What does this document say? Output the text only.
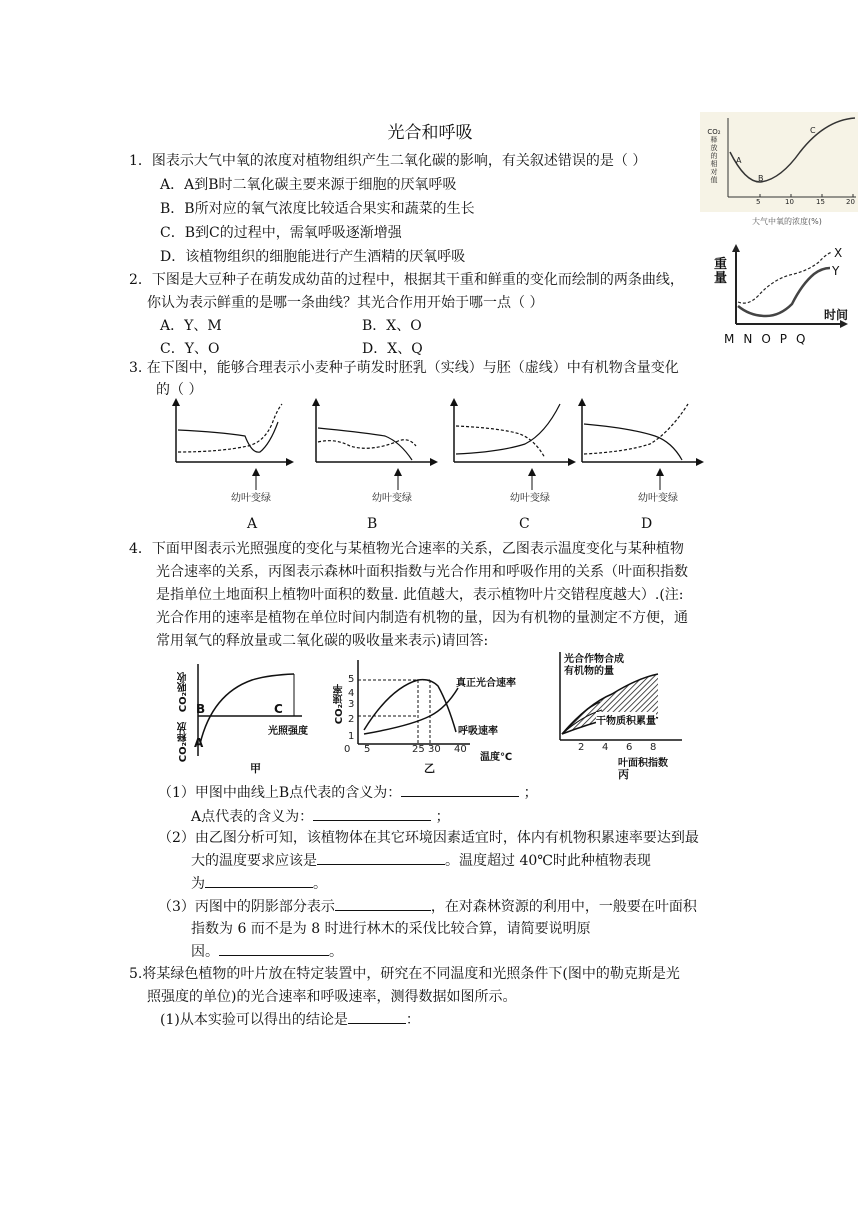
光合和呼吸
1．图表示大气中氧的浓度对植物组织产生二氧化碳的影响，有关叙述错误的是（ ）
A．A到B时二氧化碳主要来源于细胞的厌氧呼吸
B．B所对应的氧气浓度比较适合果实和蔬菜的生长
C．B到C的过程中，需氧呼吸逐渐增强
D．该植物组织的细胞能进行产生酒精的厌氧呼吸
CO₂
释
放
的
相
对
值
A
B
C
5	10	15	20
大气中氧的浓度(%)
2．下图是大豆种子在萌发成幼苗的过程中，根据其干重和鲜重的变化而绘制的两条曲线，
你认为表示鲜重的是哪一条曲线？其光合作用开始于哪一点（ ）
A．Y、M	B．X、O
C．Y、O	D．X、Q
重量
时间
X
Y
MNOPQ
3. 在下图中，能够合理表示小麦种子萌发时胚乳（实线）与胚（虚线）中有机物含量变化
的（ ）
幼叶变绿	幼叶变绿	幼叶变绿	幼叶变绿
A	B	C	D
4．下面甲图表示光照强度的变化与某植物光合速率的关系，乙图表示温度变化与某种植物
光合速率的关系，丙图表示森林叶面积指数与光合作用和呼吸作用的关系（叶面积指数
是指单位土地面积上植物叶面积的数量. 此值越大，表示植物叶片交错程度越大）.(注:
光合作用的速率是植物在单位时间内制造有机物的量，因为有机物的量测定不方便，通
常用氧气的释放量或二氧化碳的吸收量来表示)请回答:
CO₂吸收
CO₂释放
B
A
C
光照强度
甲
CO₂速率
1
2
3
4
5
0 5	25 30 40
真正光合速率
呼吸速率
温度℃
乙
光合作物合成
有机物的量
干物质积累量
2 4 6 8
叶面积指数
丙
（1）甲图中曲线上B点代表的含义为：	；
A点代表的含义为：	；
（2）由乙图分析可知，该植物体在其它环境因素适宜时，体内有机物积累速率要达到最
大的温度要求应该是	。温度超过 40℃时此种植物表现
为	。
（3）丙图中的阴影部分表示	，在对森林资源的利用中，一般要在叶面积
指数为 6 而不是为 8 时进行林木的采伐比较合算，请简要说明原
因。	。
5.将某绿色植物的叶片放在特定装置中，研究在不同温度和光照条件下(图中的勒克斯是光
照强度的单位)的光合速率和呼吸速率，测得数据如图所示。
(1)从本实验可以得出的结论是	：
